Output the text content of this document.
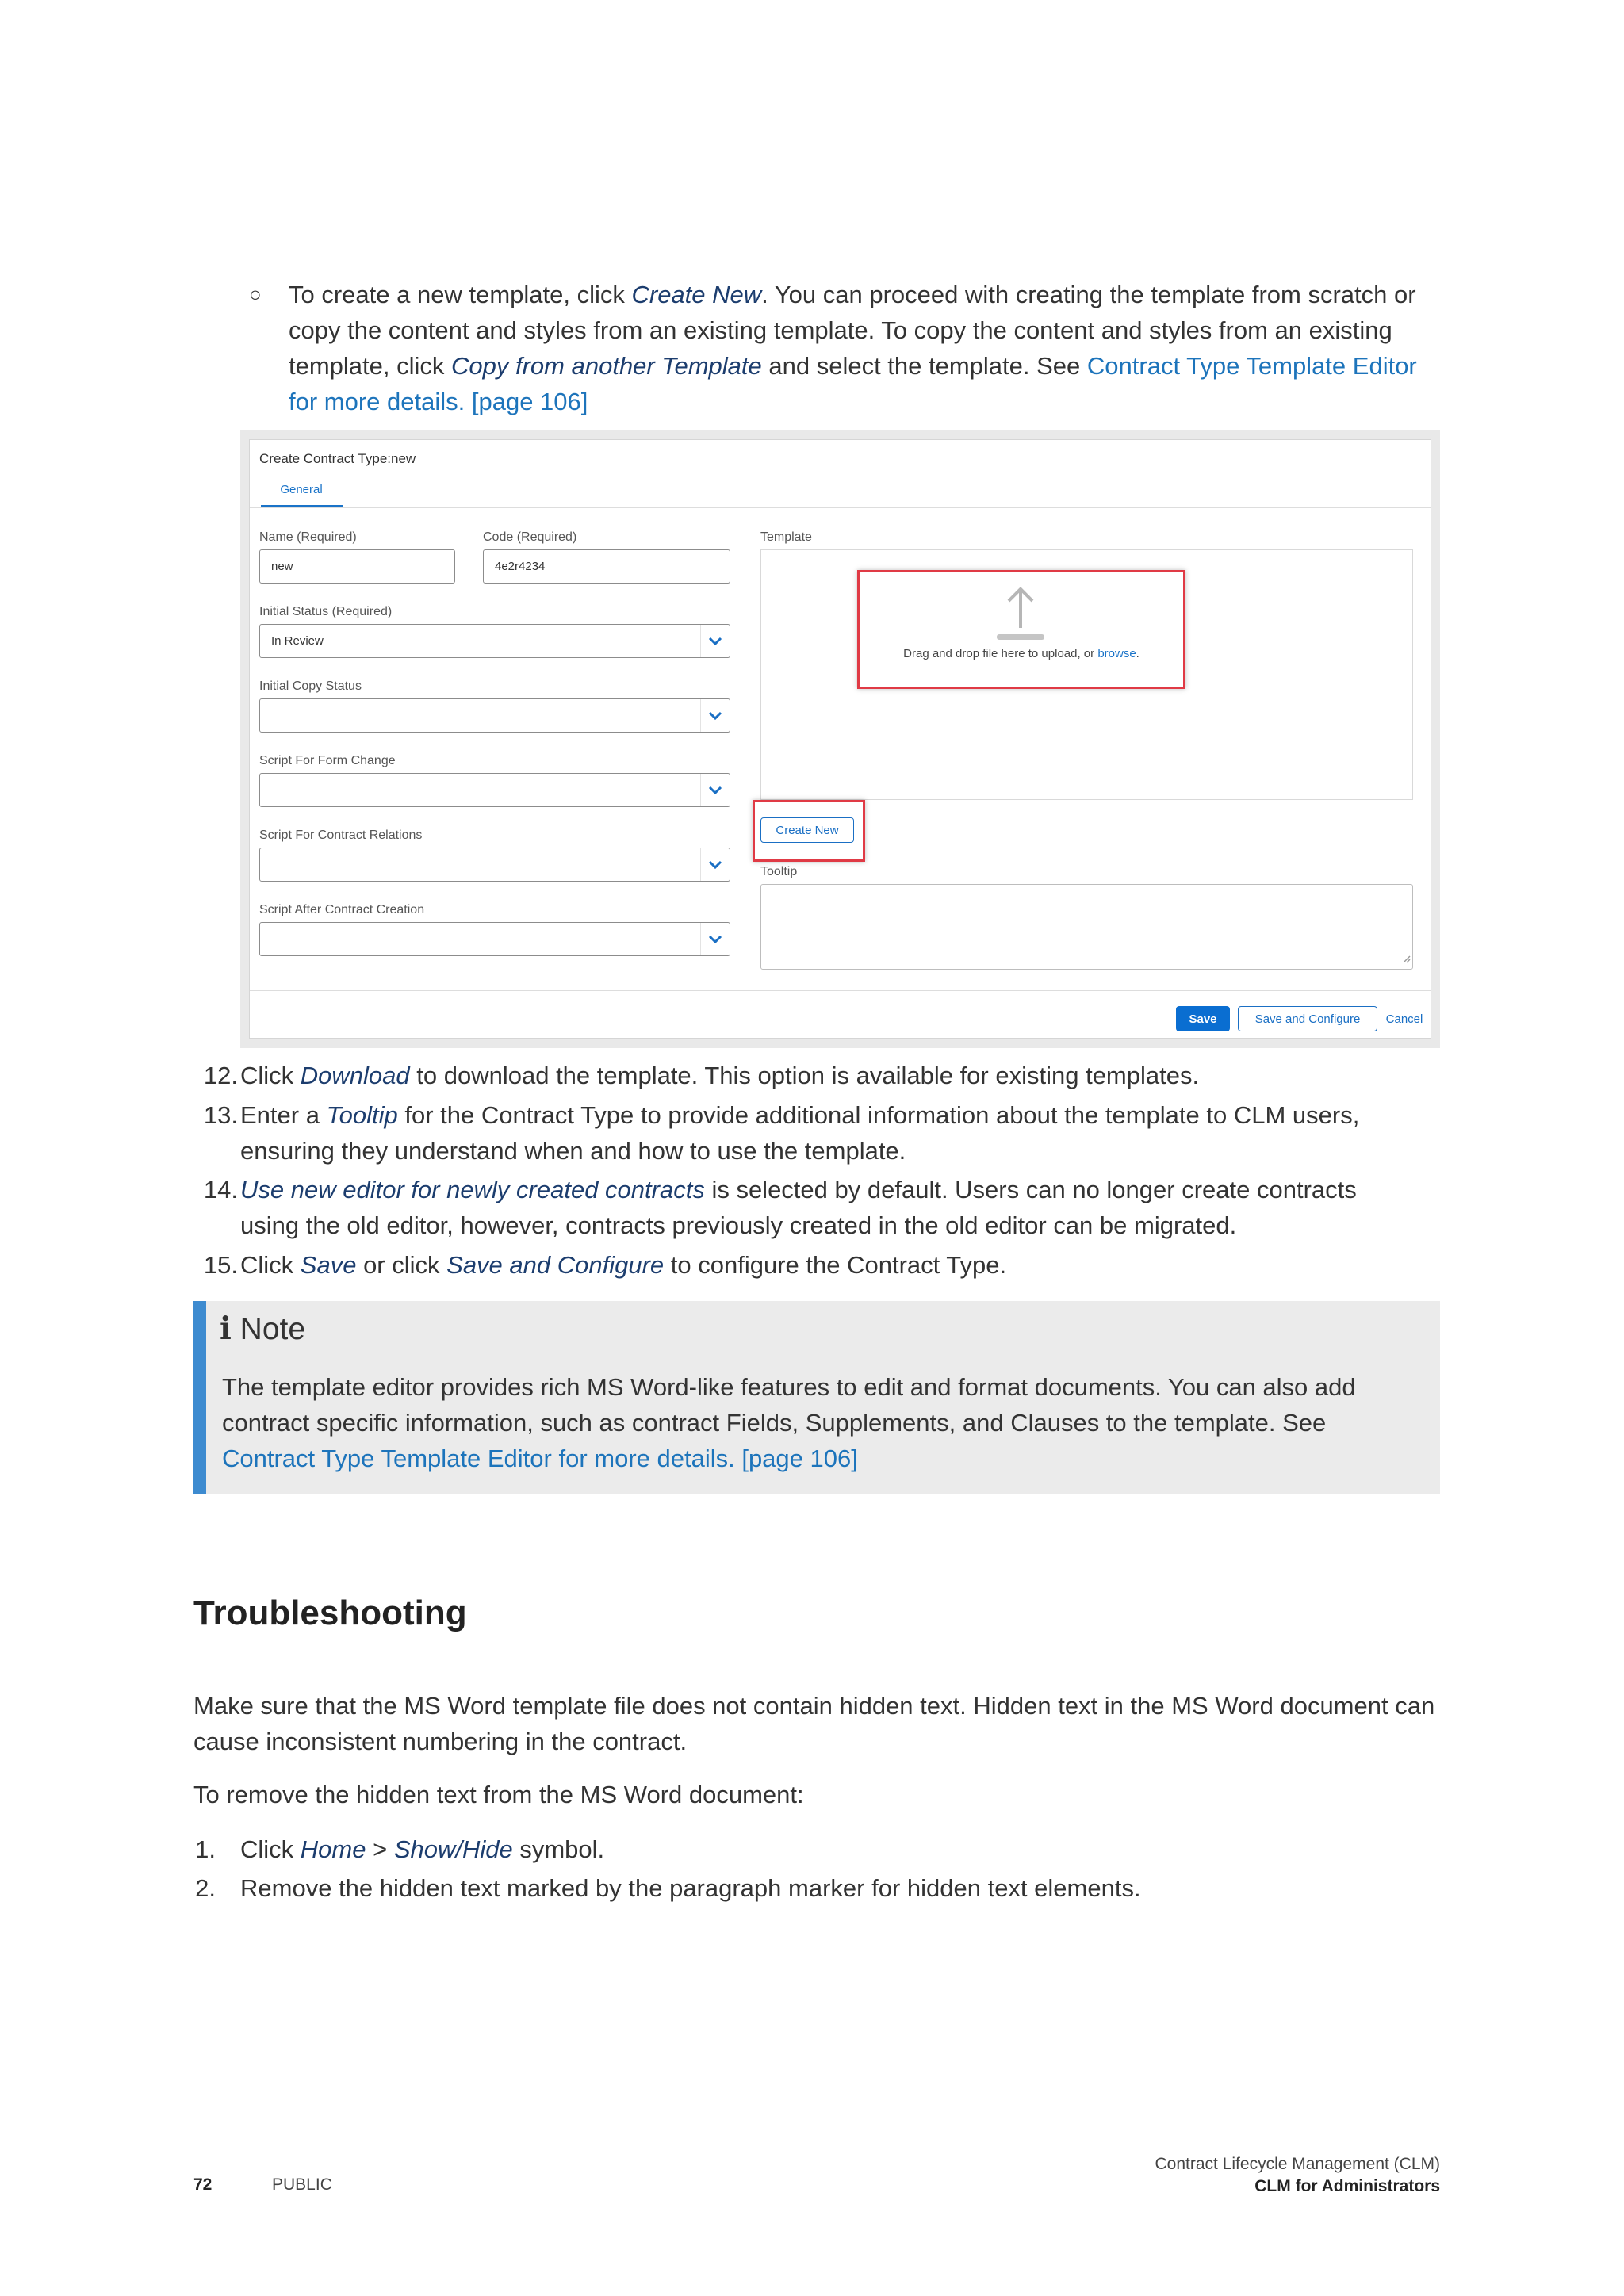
○ To create a new template, click Create New. You can proceed with creating the template from scratch or copy the content and styles from an existing template. To copy the content and styles from an existing template, click Copy from another Template and select the template. See Contract Type Template Editor for more details. [page 106]
Create Contract Type:new
General
Name (Required)
new
Code (Required)
4e2r4234
Initial Status (Required)
In Review
Initial Copy Status
Script For Form Change
Script For Contract Relations
Script After Contract Creation
Template
Drag and drop file here to upload, or browse.
Create New
Tooltip
Save	Save and Configure	Cancel
12. Click Download to download the template. This option is available for existing templates.
13. Enter a Tooltip for the Contract Type to provide additional information about the template to CLM users, ensuring they understand when and how to use the template.
14. Use new editor for newly created contracts is selected by default. Users can no longer create contracts using the old editor, however, contracts previously created in the old editor can be migrated.
15. Click Save or click Save and Configure to configure the Contract Type.
i Note
The template editor provides rich MS Word-like features to edit and format documents. You can also add contract specific information, such as contract Fields, Supplements, and Clauses to the template. See Contract Type Template Editor for more details. [page 106]
Troubleshooting
Make sure that the MS Word template file does not contain hidden text. Hidden text in the MS Word document can cause inconsistent numbering in the contract.
To remove the hidden text from the MS Word document:
1. Click Home > Show/Hide symbol.
2. Remove the hidden text marked by the paragraph marker for hidden text elements.
72	PUBLIC
Contract Lifecycle Management (CLM)
CLM for Administrators
